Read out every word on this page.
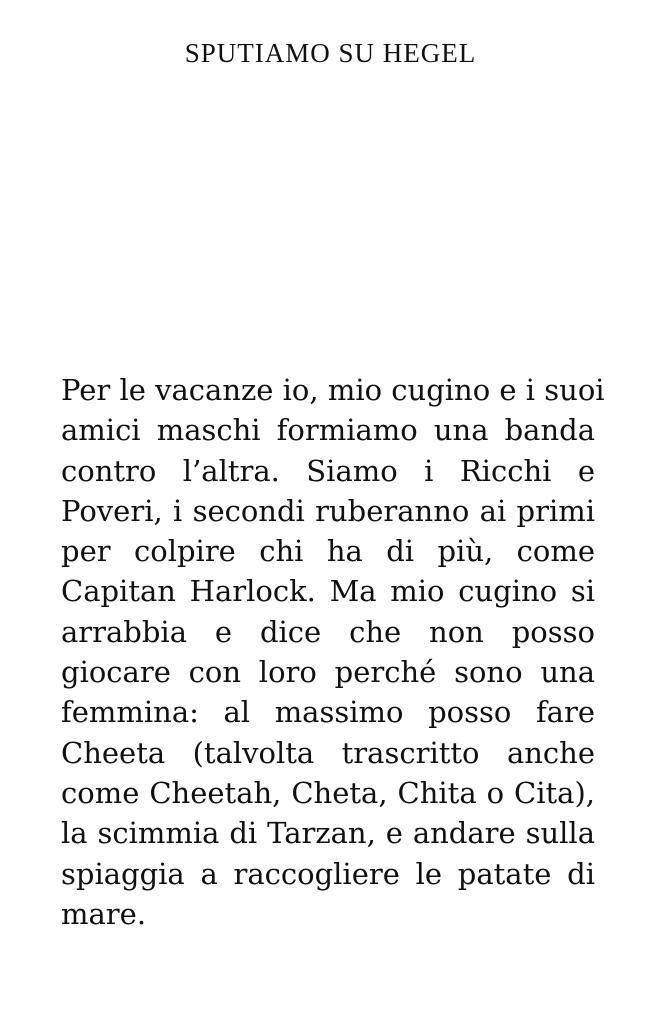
SPUTIAMO SU HEGEL
Per le vacanze io, mio cugino e i suoi
amici maschi formiamo una banda
contro l’altra. Siamo i Ricchi e
Poveri, i secondi ruberanno ai primi
per colpire chi ha di più, come
Capitan Harlock. Ma mio cugino si
arrabbia e dice che non posso
giocare con loro perché sono una
femmina: al massimo posso fare
Cheeta (talvolta trascritto anche
come Cheetah, Cheta, Chita o Cita),
la scimmia di Tarzan, e andare sulla
spiaggia a raccogliere le patate di
mare.
